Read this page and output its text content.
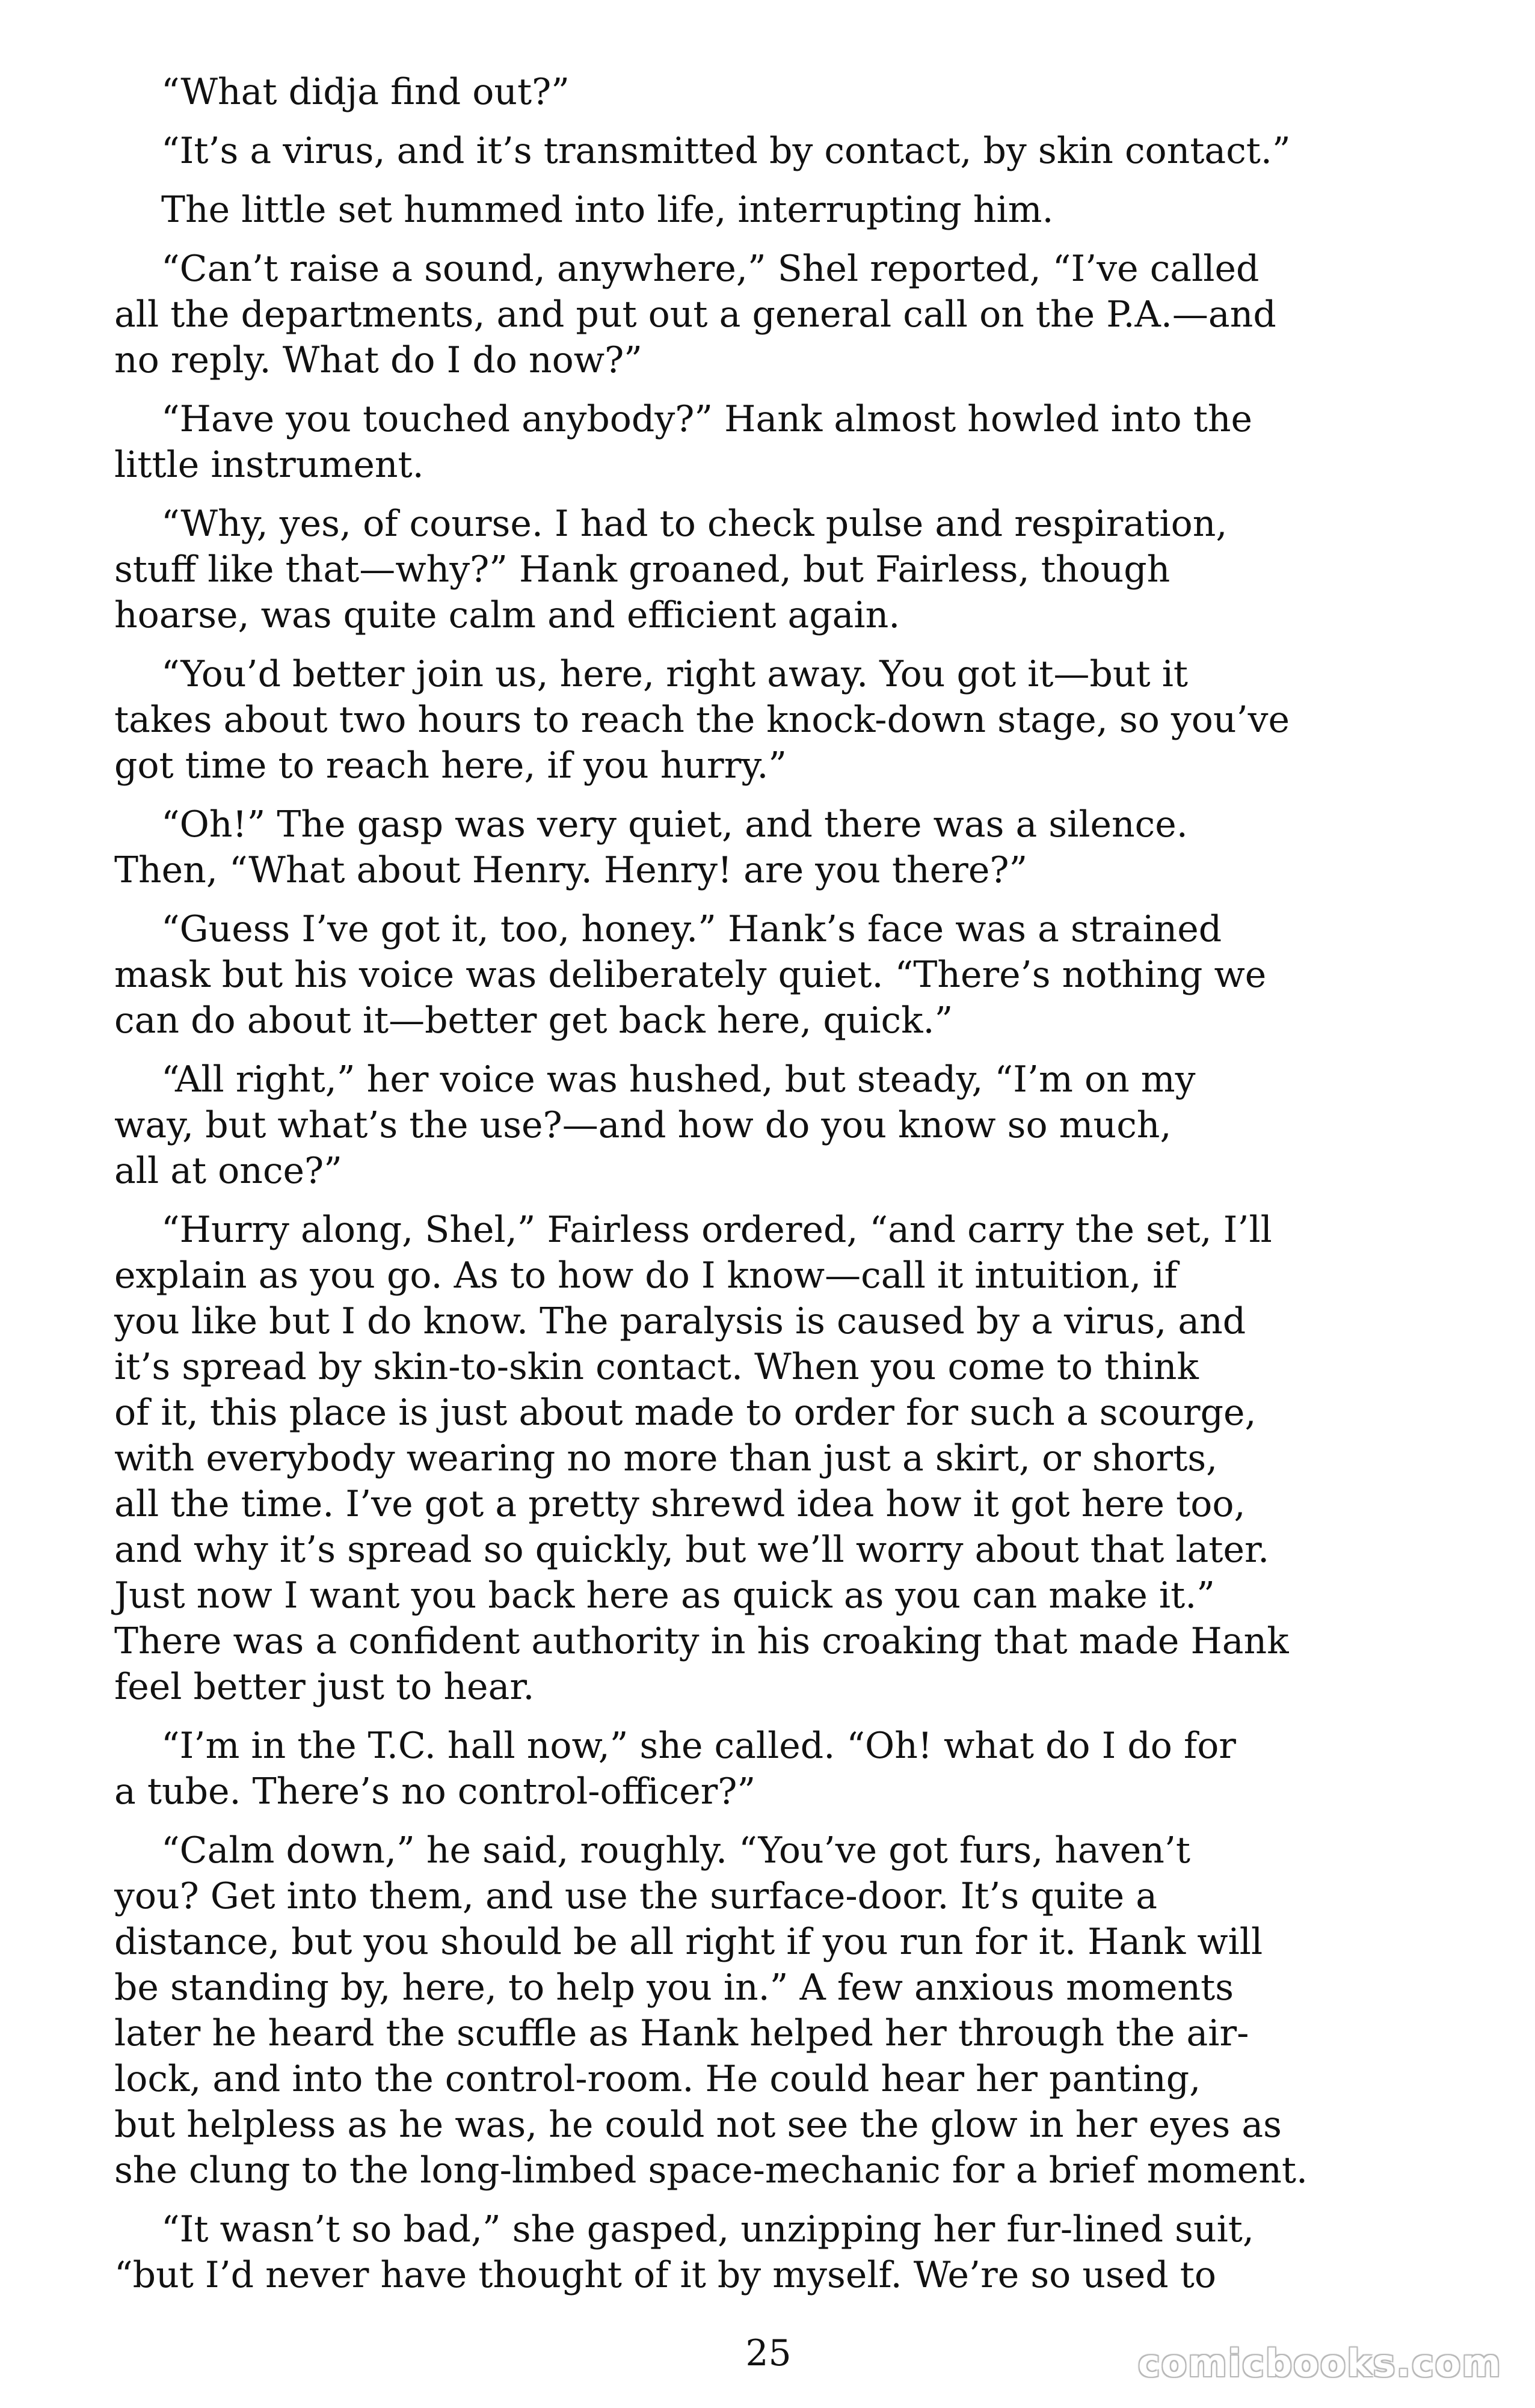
“What didja find out?”

“It’s a virus, and it’s transmitted by contact, by skin contact.”

The little set hummed into life, interrupting him.

“Can’t raise a sound, anywhere,” Shel reported, “I’ve called
all the departments, and put out a general call on the P.A.—and
no reply. What do I do now?”

“Have you touched anybody?” Hank almost howled into the
little instrument.

“Why, yes, of course. I had to check pulse and respiration,
stuff like that—why?” Hank groaned, but Fairless, though
hoarse, was quite calm and efficient again.

“You’d better join us, here, right away. You got it—but it
takes about two hours to reach the knock-down stage, so you’ve
got time to reach here, if you hurry.”

“Oh!” The gasp was very quiet, and there was a silence.
Then, “What about Henry. Henry! are you there?”

“Guess I’ve got it, too, honey.” Hank’s face was a strained
mask but his voice was deliberately quiet. “There’s nothing we
can do about it—better get back here, quick.”

“All right,” her voice was hushed, but steady, “I’m on my
way, but what’s the use?—and how do you know so much,
all at once?”

“Hurry along, Shel,” Fairless ordered, “and carry the set, I’ll
explain as you go. As to how do I know—call it intuition, if
you like but I do know. The paralysis is caused by a virus, and
it’s spread by skin-to-skin contact. When you come to think
of it, this place is just about made to order for such a scourge,
with everybody wearing no more than just a skirt, or shorts,
all the time. I’ve got a pretty shrewd idea how it got here too,
and why it’s spread so quickly, but we’ll worry about that later.
Just now I want you back here as quick as you can make it.”
There was a confident authority in his croaking that made Hank
feel better just to hear.

“I’m in the T.C. hall now,” she called. “Oh! what do I do for
a tube. There’s no control-officer?”

“Calm down,” he said, roughly. “You’ve got furs, haven’t
you? Get into them, and use the surface-door. It’s quite a
distance, but you should be all right if you run for it. Hank will
be standing by, here, to help you in.” A few anxious moments
later he heard the scuffle as Hank helped her through the air-
lock, and into the control-room. He could hear her panting,
but helpless as he was, he could not see the glow in her eyes as
she clung to the long-limbed space-mechanic for a brief moment.

“It wasn’t so bad,” she gasped, unzipping her fur-lined suit,
“but I’d never have thought of it by myself. We’re so used to

25	comicbooks.com
